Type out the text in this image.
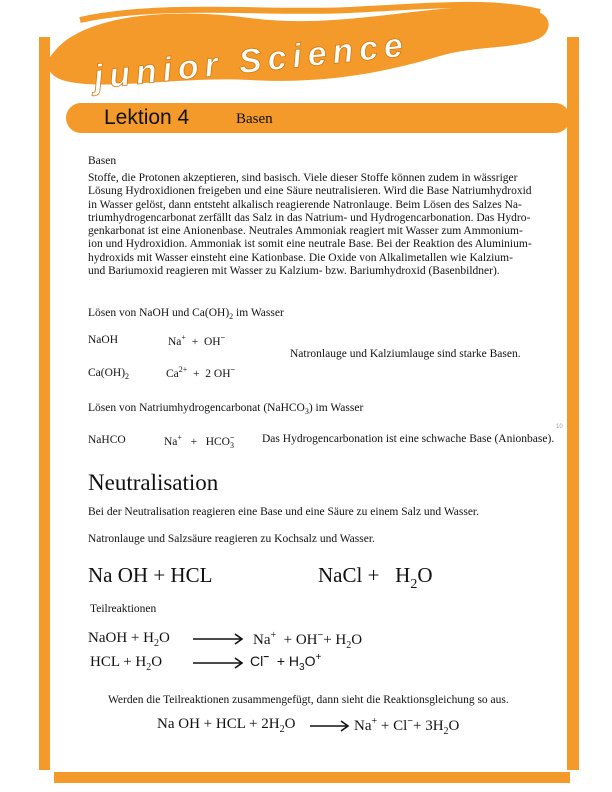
junior Science
Lektion 4	Basen
Basen
Stoffe, die Protonen akzeptieren, sind basisch. Viele dieser Stoffe können zudem in wässriger
Lösung Hydroxidionen freigeben und eine Säure neutralisieren. Wird die Base Natriumhydroxid
in Wasser gelöst, dann entsteht alkalisch reagierende Natronlauge. Beim Lösen des Salzes Na-
triumhydrogencarbonat zerfällt das Salz in das Natrium- und Hydrogencarbonation. Das Hydro-
genkarbonat ist eine Anionenbase. Neutrales Ammoniak reagiert mit Wasser zum Ammonium-
ion und Hydroxidion. Ammoniak ist somit eine neutrale Base. Bei der Reaktion des Aluminium-
hydroxids mit Wasser einsteht eine Kationbase. Die Oxide von Alkalimetallen wie Kalzium-
und Bariumoxid reagieren mit Wasser zu Kalzium- bzw. Bariumhydroxid (Basenbildner).
Lösen von NaOH und $Ca(OH)_2$ im Wasser
NaOH	Na+ + OH−
Natronlauge und Kalziumlauge sind starke Basen.
$Ca(OH)_2$	$Ca^{2+} + 2$ OH−
Lösen von Natriumhydrogencarbonat (NaHCO$_3$) im Wasser
10
NaHCO	$Na^+ + HCO_3^-$ Das Hydrogencarbonation ist eine schwache Base (Anionbase).
Neutralisation
Bei der Neutralisation reagieren eine Base und eine Säure zu einem Salz und Wasser.
Natronlauge und Salzsäure reagieren zu Kochsalz und Wasser.
Na OH + HCL	NaCl + $H_2O$
Teilreaktionen
NaOH + $H_2O$	$Na^+ + OH^-+ H_2O$
HCL + $H_2O$	$Cl^- + H_3O^+$
Werden die Teilreaktionen zusammengefügt, dann sieht die Reaktionsgleichung so aus.
Na OH + HCL + $2H_2O$	$Na^+ + Cl^-+ 3H_2O$
